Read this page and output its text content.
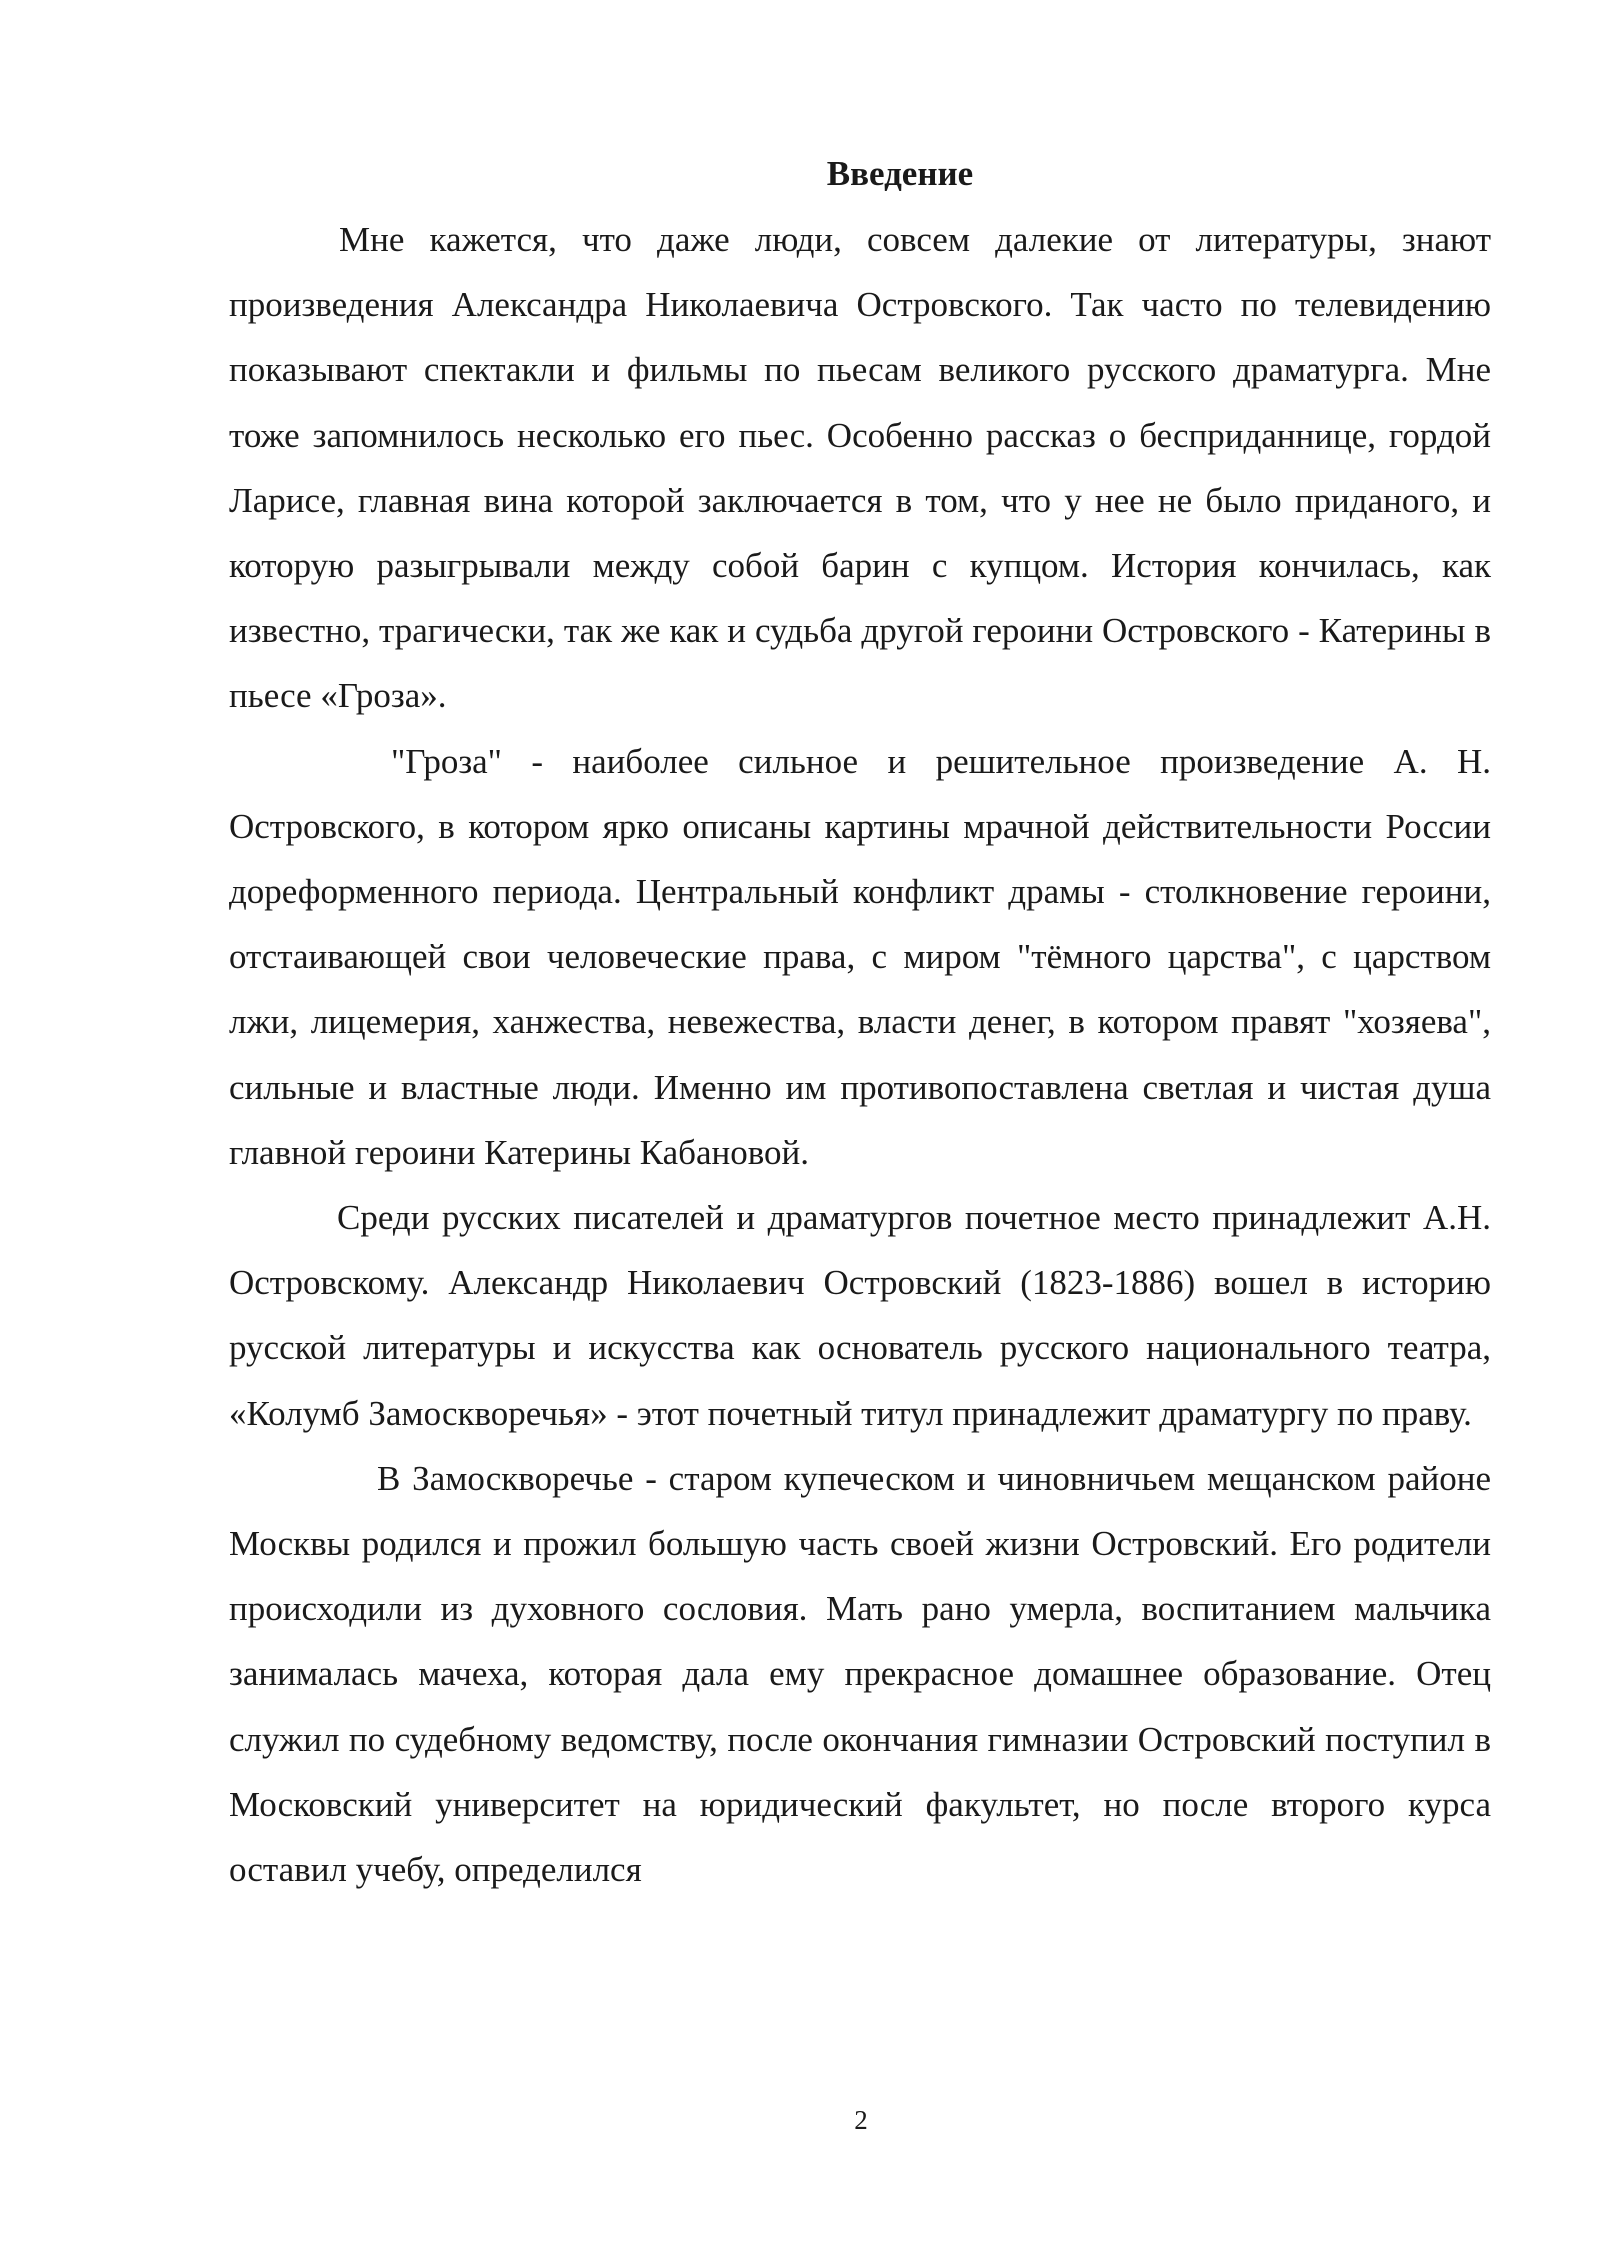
Введение

Мне кажется, что даже люди, совсем далекие от литературы, знают произведения Александра Николаевича Островского. Так часто по телевидению показывают спектакли и фильмы по пьесам великого русского драматурга. Мне тоже запомнилось несколько его пьес. Особенно рассказ о бесприданнице, гордой Ларисе, главная вина которой заключается в том, что у нее не было приданого, и которую разыгрывали между собой барин с купцом. История кончилась, как известно, трагически, так же как и судьба другой героини Островского - Катерины в пьесе «Гроза».

"Гроза" - наиболее сильное и решительное произведение А. Н. Островского, в котором ярко описаны картины мрачной действительности России дореформенного периода. Центральный конфликт драмы - столкновение героини, отстаивающей свои человеческие права, с миром "тёмного царства", с царством лжи, лицемерия, ханжества, невежества, власти денег, в котором правят "хозяева", сильные и властные люди. Именно им противопоставлена светлая и чистая душа главной героини Катерины Кабановой.

Среди русских писателей и драматургов почетное место принадлежит А.Н. Островскому. Александр Николаевич Островский (1823-1886) вошел в историю русской литературы и искусства как основатель русского национального театра, «Колумб Замоскворечья» - этот почетный титул принадлежит драматургу по праву.

В Замоскворечье - старом купеческом и чиновничьем мещанском районе Москвы родился и прожил большую часть своей жизни Островский. Его родители происходили из духовного сословия. Мать рано умерла, воспитанием мальчика занималась мачеха, которая дала ему прекрасное домашнее образование. Отец служил по судебному ведомству, после окончания гимназии Островский поступил в Московский университет на юридический факультет, но после второго курса оставил учебу, определился

2
